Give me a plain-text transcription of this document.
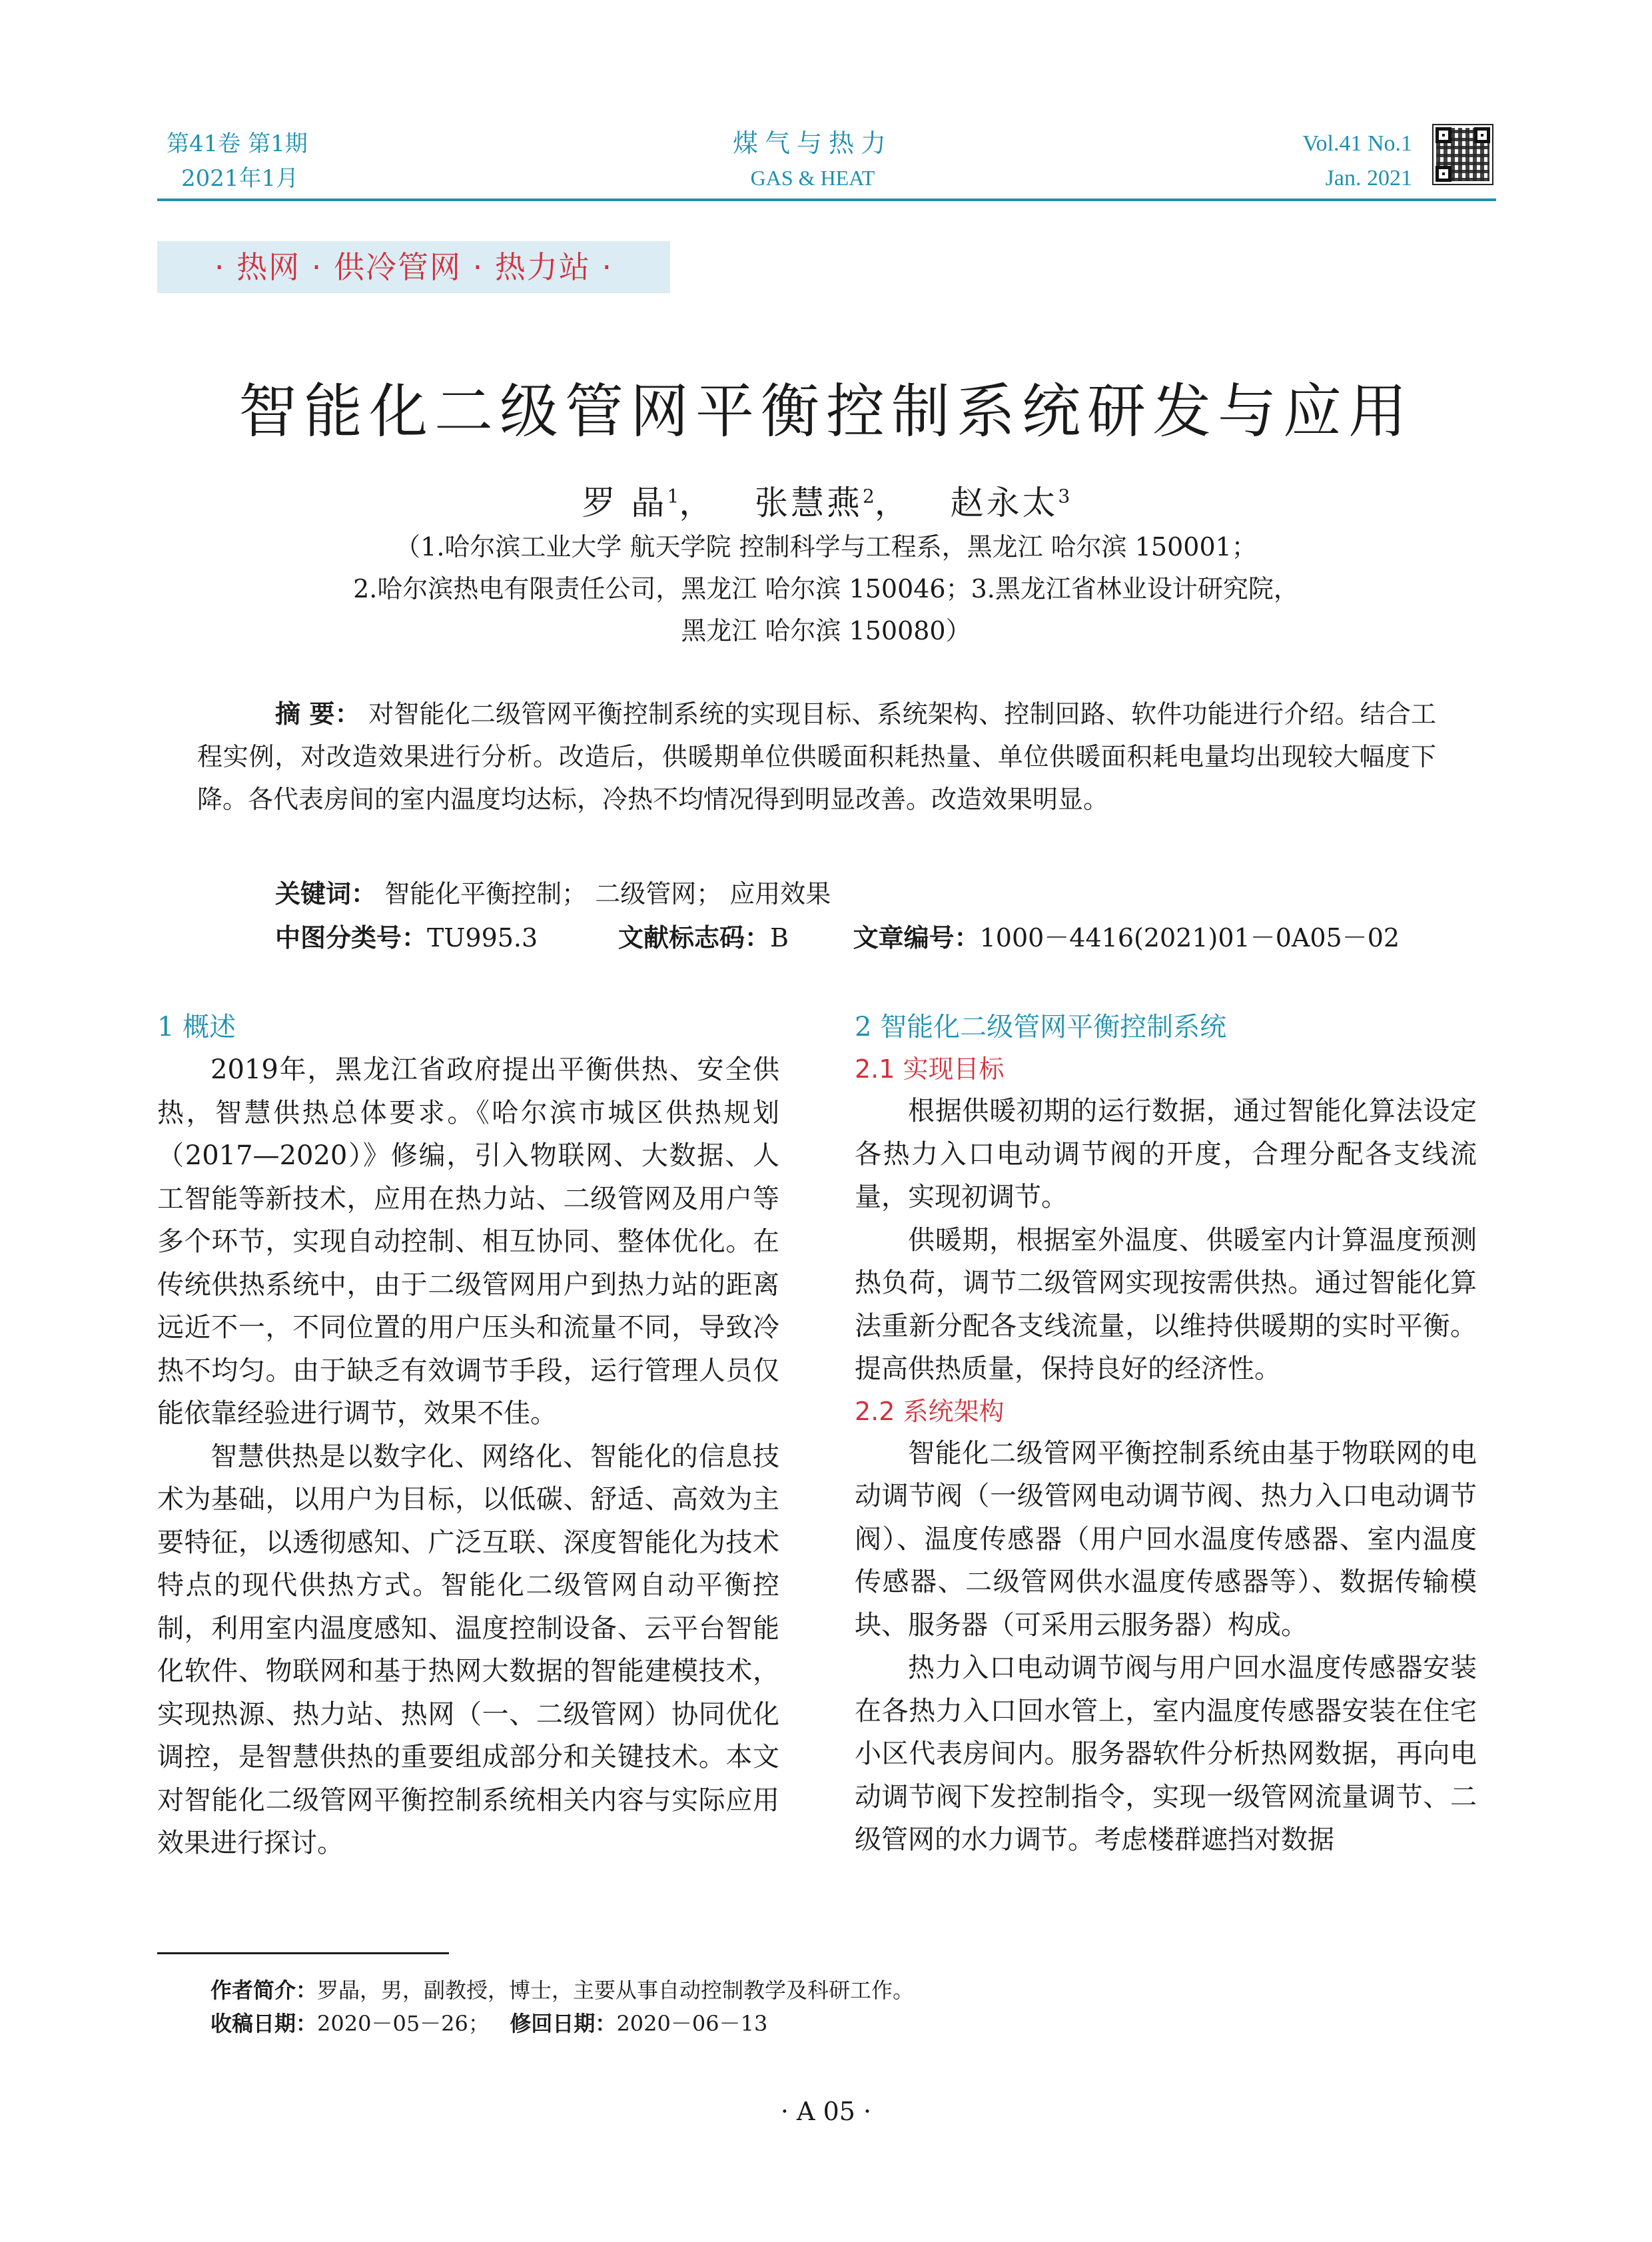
第41卷 第1期
2021年1月
煤气与热力
GAS & HEAT
Vol.41 No.1
Jan. 2021
· 热网 · 供冷管网 · 热力站 ·
智能化二级管网平衡控制系统研发与应用
罗 晶$^1$，   张慧燕$^2$，   赵永太$^3$
（1.哈尔滨工业大学 航天学院 控制科学与工程系，黑龙江 哈尔滨 150001；
2.哈尔滨热电有限责任公司，黑龙江 哈尔滨 150046；3.黑龙江省林业设计研究院，
黑龙江 哈尔滨 150080）
摘 要： 对智能化二级管网平衡控制系统的实现目标、系统架构、控制回路、软件功能进行介绍。结合工程实例，对改造效果进行分析。改造后，供暖期单位供暖面积耗热量、单位供暖面积耗电量均出现较大幅度下降。各代表房间的室内温度均达标，冷热不均情况得到明显改善。改造效果明显。
关键词： 智能化平衡控制； 二级管网； 应用效果
中图分类号：TU995.3	文献标志码：B	文章编号：1000－4416(2021)01－0A05－02
1 概述

2019年，黑龙江省政府提出平衡供热、安全供热，智慧供热总体要求。《哈尔滨市城区供热规划（2017—2020）》修编，引入物联网、大数据、人工智能等新技术，应用在热力站、二级管网及用户等多个环节，实现自动控制、相互协同、整体优化。在传统供热系统中，由于二级管网用户到热力站的距离远近不一，不同位置的用户压头和流量不同，导致冷热不均匀。由于缺乏有效调节手段，运行管理人员仅能依靠经验进行调节，效果不佳。

智慧供热是以数字化、网络化、智能化的信息技术为基础，以用户为目标，以低碳、舒适、高效为主要特征，以透彻感知、广泛互联、深度智能化为技术特点的现代供热方式。智能化二级管网自动平衡控制，利用室内温度感知、温度控制设备、云平台智能化软件、物联网和基于热网大数据的智能建模技术，实现热源、热力站、热网（一、二级管网）协同优化调控，是智慧供热的重要组成部分和关键技术。本文对智能化二级管网平衡控制系统相关内容与实际应用效果进行探讨。

2 智能化二级管网平衡控制系统
2.1 实现目标

根据供暖初期的运行数据，通过智能化算法设定各热力入口电动调节阀的开度，合理分配各支线流量，实现初调节。

供暖期，根据室外温度、供暖室内计算温度预测热负荷，调节二级管网实现按需供热。通过智能化算法重新分配各支线流量，以维持供暖期的实时平衡。提高供热质量，保持良好的经济性。

2.2 系统架构

智能化二级管网平衡控制系统由基于物联网的电动调节阀（一级管网电动调节阀、热力入口电动调节阀）、温度传感器（用户回水温度传感器、室内温度传感器、二级管网供水温度传感器等）、数据传输模块、服务器（可采用云服务器）构成。

热力入口电动调节阀与用户回水温度传感器安装在各热力入口回水管上，室内温度传感器安装在住宅小区代表房间内。服务器软件分析热网数据，再向电动调节阀下发控制指令，实现一级管网流量调节、二级管网的水力调节。考虑楼群遮挡对数据

作者简介：罗晶，男，副教授，博士，主要从事自动控制教学及科研工作。
收稿日期：2020－05－26； 修回日期：2020－06－13
· A 05 ·
